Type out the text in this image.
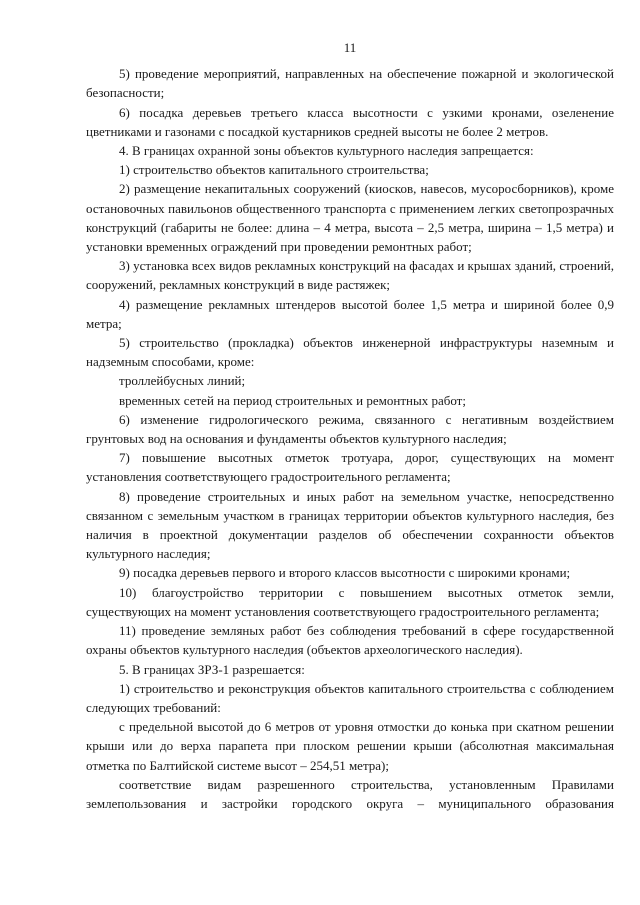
11

5) проведение мероприятий, направленных на обеспечение пожарной и экологической безопасности;

6) посадка деревьев третьего класса высотности с узкими кронами, озеленение цветниками и газонами с посадкой кустарников средней высоты не более 2 метров.

4. В границах охранной зоны объектов культурного наследия запрещается:

1) строительство объектов капитального строительства;

2) размещение некапитальных сооружений (киосков, навесов, мусоросборников), кроме остановочных павильонов общественного транспорта с применением легких светопрозрачных конструкций (габариты не более: длина – 4 метра, высота – 2,5 метра, ширина – 1,5 метра) и установки временных ограждений при проведении ремонтных работ;

3) установка всех видов рекламных конструкций на фасадах и крышах зданий, строений, сооружений, рекламных конструкций в виде растяжек;

4) размещение рекламных штендеров высотой более 1,5 метра и шириной более 0,9 метра;

5) строительство (прокладка) объектов инженерной инфраструктуры наземным и надземным способами, кроме:

троллейбусных линий;

временных сетей на период строительных и ремонтных работ;

6) изменение гидрологического режима, связанного с негативным воздействием грунтовых вод на основания и фундаменты объектов культурного наследия;

7) повышение высотных отметок тротуара, дорог, существующих на момент установления соответствующего градостроительного регламента;

8) проведение строительных и иных работ на земельном участке, непосредственно связанном с земельным участком в границах территории объектов культурного наследия, без наличия в проектной документации разделов об обеспечении сохранности объектов культурного наследия;

9) посадка деревьев первого и второго классов высотности с широкими кронами;

10) благоустройство территории с повышением высотных отметок земли, существующих на момент установления соответствующего градостроительного регламента;

11) проведение земляных работ без соблюдения требований в сфере государственной охраны объектов культурного наследия (объектов археологического наследия).

5. В границах ЗРЗ-1 разрешается:

1) строительство и реконструкция объектов капитального строительства с соблюдением следующих требований:

с предельной высотой до 6 метров от уровня отмостки до конька при скатном решении крыши или до верха парапета при плоском решении крыши (абсолютная максимальная отметка по Балтийской системе высот – 254,51 метра);

соответствие видам разрешенного строительства, установленным Правилами землепользования и застройки городского округа – муниципального образования
